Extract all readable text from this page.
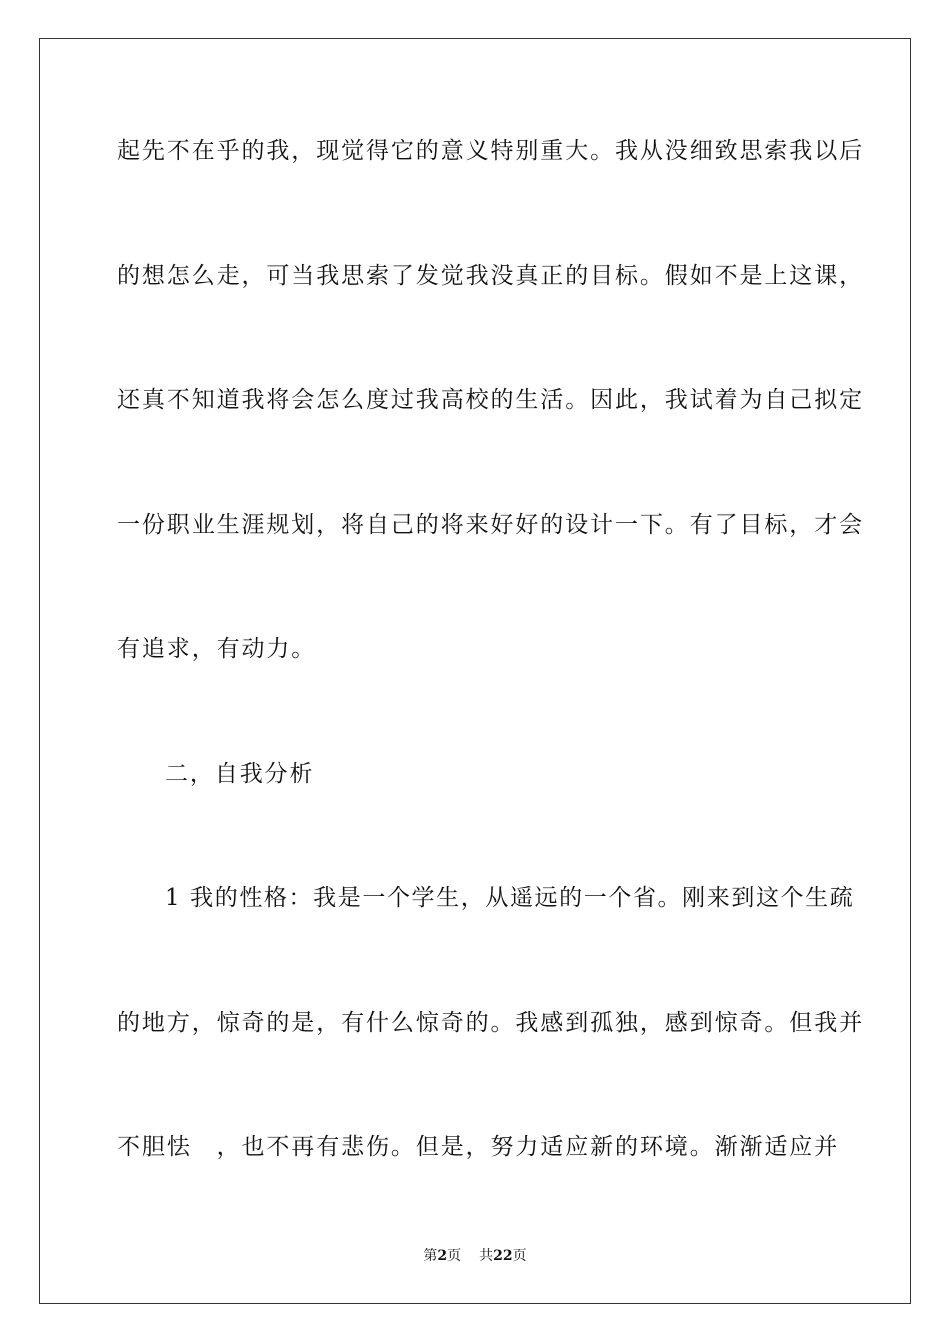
起先不在乎的我，现觉得它的意义特别重大。我从没细致思索我以后
的想怎么走，可当我思索了发觉我没真正的目标。假如不是上这课，
还真不知道我将会怎么度过我高校的生活。因此，我试着为自己拟定
一份职业生涯规划，将自己的将来好好的设计一下。有了目标，才会
有追求，有动力。
二，自我分析
1 我的性格：我是一个学生，从遥远的一个省。刚来到这个生疏
的地方，惊奇的是，有什么惊奇的。我感到孤独，感到惊奇。但我并
不胆怯　，也不再有悲伤。但是，努力适应新的环境。渐渐适应并
第2页 共22页
